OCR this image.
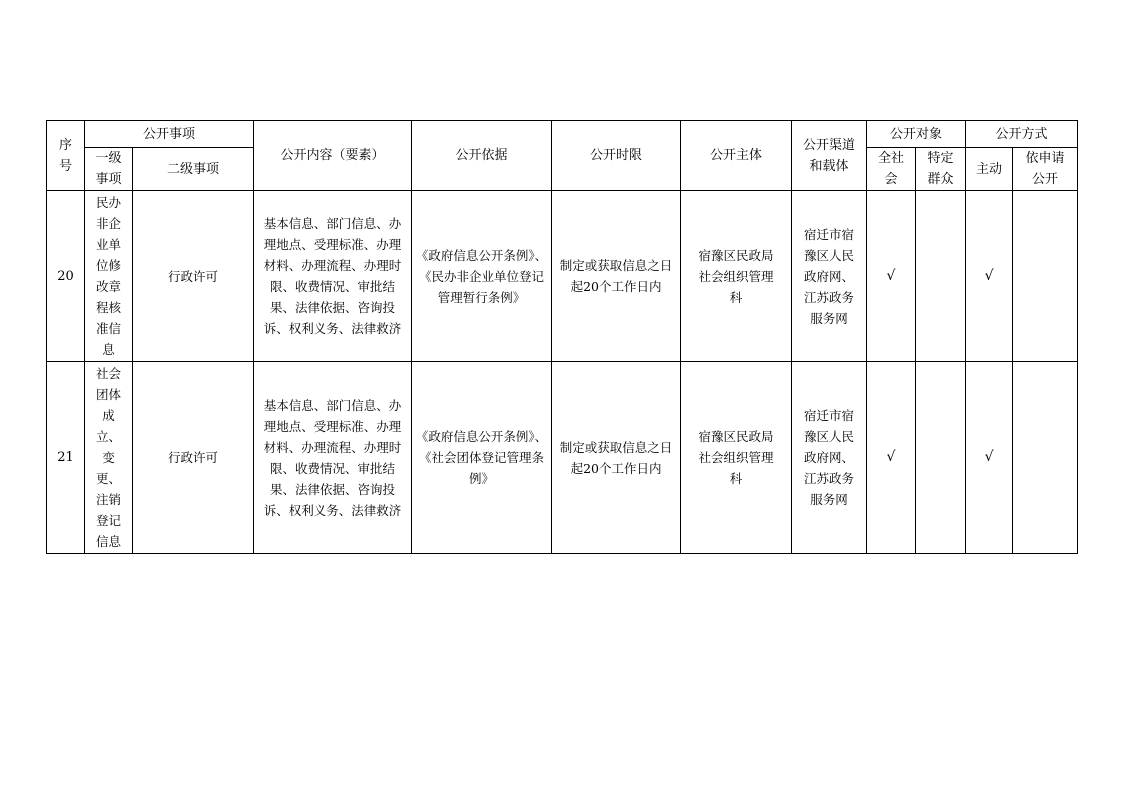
序号	公开事项		公开内容（要素）	公开依据	公开时限	公开主体	公开渠道和载体	公开对象		公开方式	

	一级事项	二级事项						全社会	特定群众	主动	依申请公开

20	民办非企业单位修改章程核准信息	行政许可	基本信息、部门信息、办理地点、受理标准、办理材料、办理流程、办理时限、收费情况、审批结果、法律依据、咨询投诉、权利义务、法律救济	《政府信息公开条例》、《民办非企业单位登记管理暂行条例》	制定或获取信息之日起20个工作日内	宿豫区民政局社会组织管理科	宿迁市宿豫区人民政府网、江苏政务服务网	√		√	
21	社会团体成立、变更、注销登记信息	行政许可	基本信息、部门信息、办理地点、受理标准、办理材料、办理流程、办理时限、收费情况、审批结果、法律依据、咨询投诉、权利义务、法律救济	《政府信息公开条例》、《社会团体登记管理条例》	制定或获取信息之日起20个工作日内	宿豫区民政局社会组织管理科	宿迁市宿豫区人民政府网、江苏政务服务网	√		√	
